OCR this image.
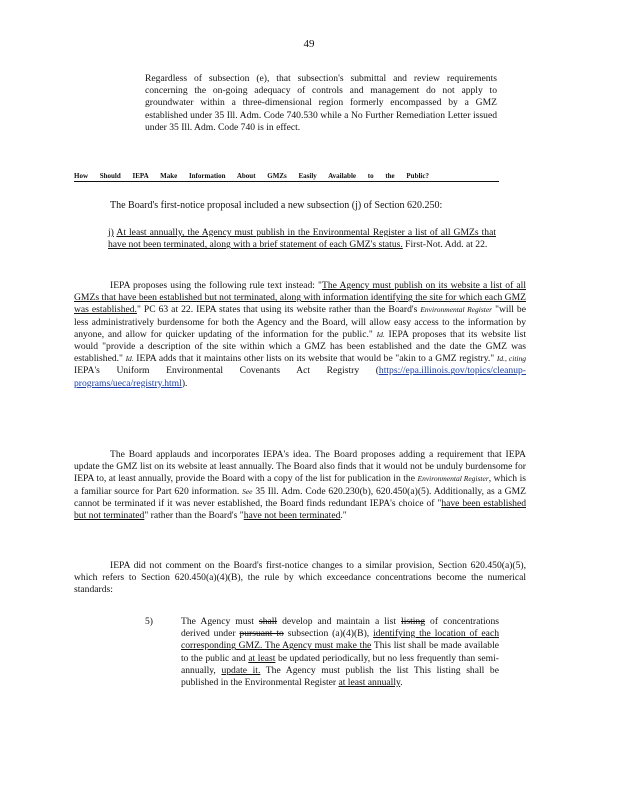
49
Regardless of subsection (e), that subsection's submittal and review requirements concerning the on-going adequacy of controls and management do not apply to groundwater within a three-dimensional region formerly encompassed by a GMZ established under 35 Ill. Adm. Code 740.530 while a No Further Remediation Letter issued under 35 Ill. Adm. Code 740 is in effect.
How Should IEPA Make Information About GMZs Easily Available to the Public?
The Board's first-notice proposal included a new subsection (j) of Section 620.250:
j) At least annually, the Agency must publish in the Environmental Register a list of all GMZs that have not been terminated, along with a brief statement of each GMZ's status. First-Not. Add. at 22.
IEPA proposes using the following rule text instead: "The Agency must publish on its website a list of all GMZs that have been established but not terminated, along with information identifying the site for which each GMZ was established." PC 63 at 22. IEPA states that using its website rather than the Board's Environmental Register "will be less administratively burdensome for both the Agency and the Board, will allow easy access to the information by anyone, and allow for quicker updating of the information for the public." Id. IEPA proposes that its website list would "provide a description of the site within which a GMZ has been established and the date the GMZ was established." Id. IEPA adds that it maintains other lists on its website that would be "akin to a GMZ registry." Id., citing IEPA's Uniform Environmental Covenants Act Registry (https://epa.illinois.gov/topics/cleanup-programs/ueca/registry.html).
The Board applauds and incorporates IEPA's idea. The Board proposes adding a requirement that IEPA update the GMZ list on its website at least annually. The Board also finds that it would not be unduly burdensome for IEPA to, at least annually, provide the Board with a copy of the list for publication in the Environmental Register, which is a familiar source for Part 620 information. See 35 Ill. Adm. Code 620.230(b), 620.450(a)(5). Additionally, as a GMZ cannot be terminated if it was never established, the Board finds redundant IEPA's choice of "have been established but not terminated" rather than the Board's "have not been terminated."
IEPA did not comment on the Board's first-notice changes to a similar provision, Section 620.450(a)(5), which refers to Section 620.450(a)(4)(B), the rule by which exceedance concentrations become the numerical standards:
5)	The Agency must shall develop and maintain a list listing of concentrations derived under pursuant to subsection (a)(4)(B), identifying the location of each corresponding GMZ. The Agency must make the This list shall be made available to the public and at least be updated periodically, but no less frequently than semi-annually, update it. The Agency must publish the list This listing shall be published in the Environmental Register at least annually.
